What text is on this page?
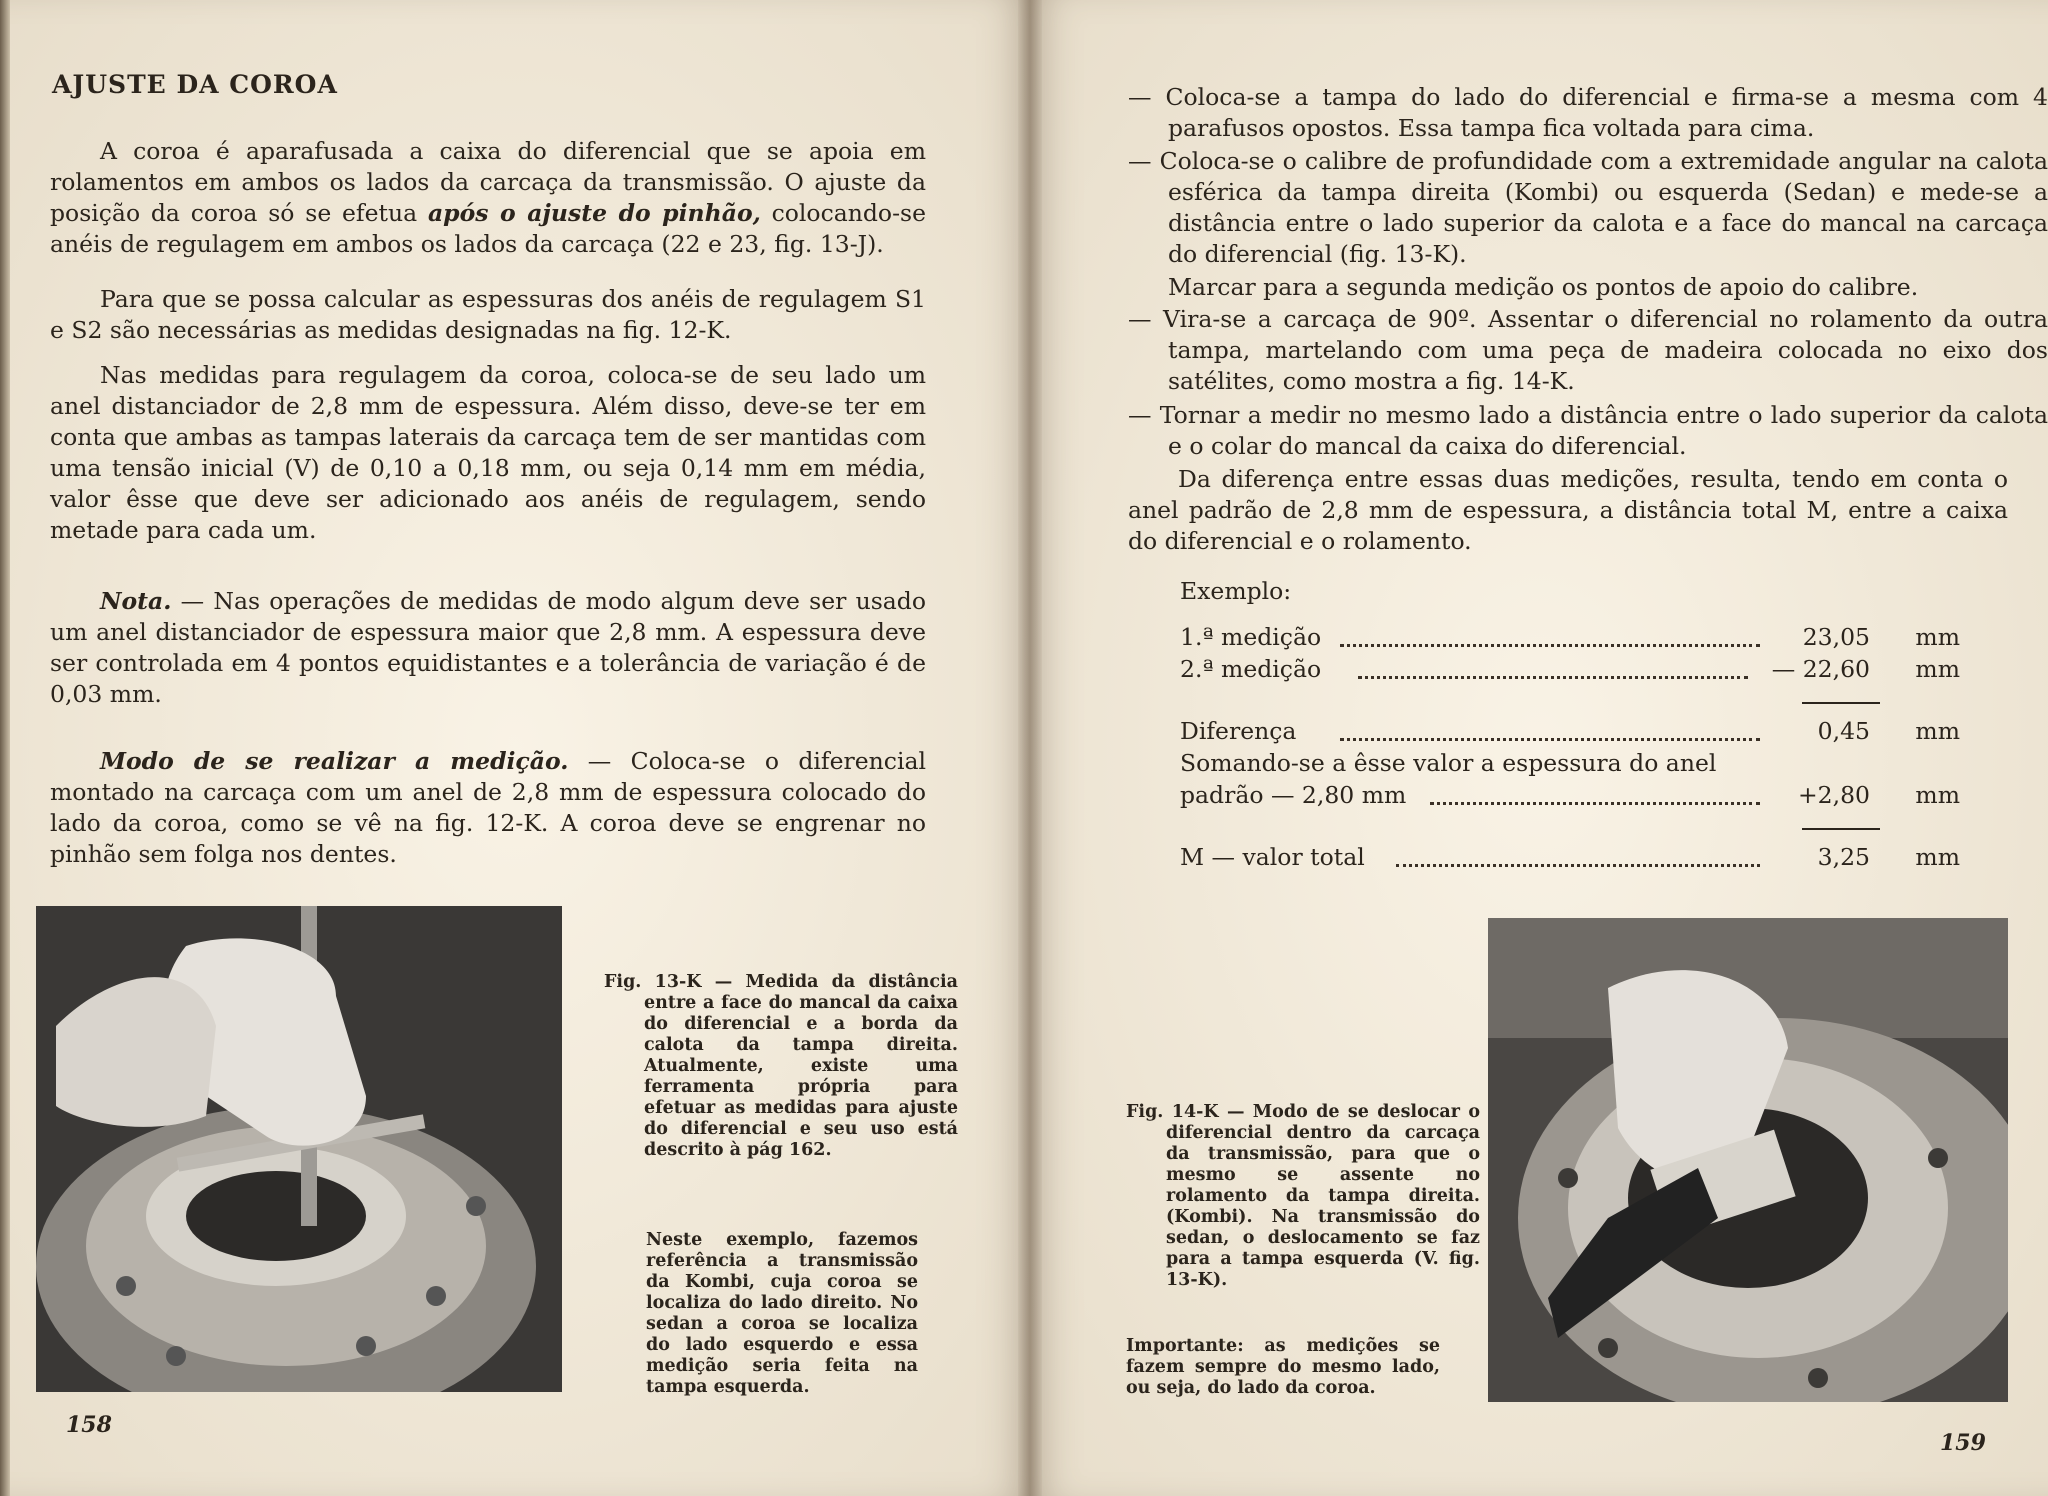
AJUSTE DA COROA

A coroa é aparafusada a caixa do diferencial que se apoia em rolamentos em ambos os lados da carcaça da transmissão. O ajuste da posição da coroa só se efetua após o ajuste do pinhão, colocando-se anéis de regulagem em ambos os lados da carcaça (22 e 23, fig. 13-J).

Para que se possa calcular as espessuras dos anéis de regulagem S1 e S2 são necessárias as medidas designadas na fig. 12-K.

Nas medidas para regulagem da coroa, coloca-se de seu lado um anel distanciador de 2,8 mm de espessura. Além disso, deve-se ter em conta que ambas as tampas laterais da carcaça tem de ser mantidas com uma tensão inicial (V) de 0,10 a 0,18 mm, ou seja 0,14 mm em média, valor êsse que deve ser adicionado aos anéis de regulagem, sendo metade para cada um.

Nota. — Nas operações de medidas de modo algum deve ser usado um anel distanciador de espessura maior que 2,8 mm. A espessura deve ser controlada em 4 pontos equidistantes e a tolerância de variação é de 0,03 mm.

Modo de se realizar a medição. — Coloca-se o diferencial montado na carcaça com um anel de 2,8 mm de espessura colocado do lado da coroa, como se vê na fig. 12-K. A coroa deve se engrenar no pinhão sem folga nos dentes.

Fig. 13-K — Medida da distância entre a face do mancal da caixa do diferencial e a borda da calota da tampa direita. Atualmente, existe uma ferramenta própria para efetuar as medidas para ajuste do diferencial e seu uso está descrito à pág 162.
Neste exemplo, fazemos referência a transmissão da Kombi, cuja coroa se localiza do lado direito. No sedan a coroa se localiza do lado esquerdo e essa medição seria feita na tampa esquerda.
158

— Coloca-se a tampa do lado do diferencial e firma-se a mesma com 4 parafusos opostos. Essa tampa fica voltada para cima.

— Coloca-se o calibre de profundidade com a extremidade angular na calota esférica da tampa direita (Kombi) ou esquerda (Sedan) e mede-se a distância entre o lado superior da calota e a face do mancal na carcaça do diferencial (fig. 13-K).

Marcar para a segunda medição os pontos de apoio do calibre.

— Vira-se a carcaça de 90º. Assentar o diferencial no rolamento da outra tampa, martelando com uma peça de madeira colocada no eixo dos satélites, como mostra a fig. 14-K.

— Tornar a medir no mesmo lado a distância entre o lado superior da calota e o colar do mancal da caixa do diferencial.

Da diferença entre essas duas medições, resulta, tendo em conta o anel padrão de 2,8 mm de espessura, a distância total M, entre a caixa do diferencial e o rolamento.

Exemplo:
1.ª medição	23,05 mm
2.ª medição	— 22,60 mm
Diferença	0,45 mm
Somando-se a êsse valor a espessura do anel
padrão — 2,80 mm	+2,80 mm
M — valor total	3,25 mm
Fig. 14-K — Modo de se deslocar o diferencial dentro da carcaça da transmissão, para que o mesmo se assente no rolamento da tampa direita. (Kombi). Na transmissão do sedan, o deslocamento se faz para a tampa esquerda (V. fig. 13-K).
Importante: as medições se fazem sempre do mesmo lado, ou seja, do lado da coroa.
159
